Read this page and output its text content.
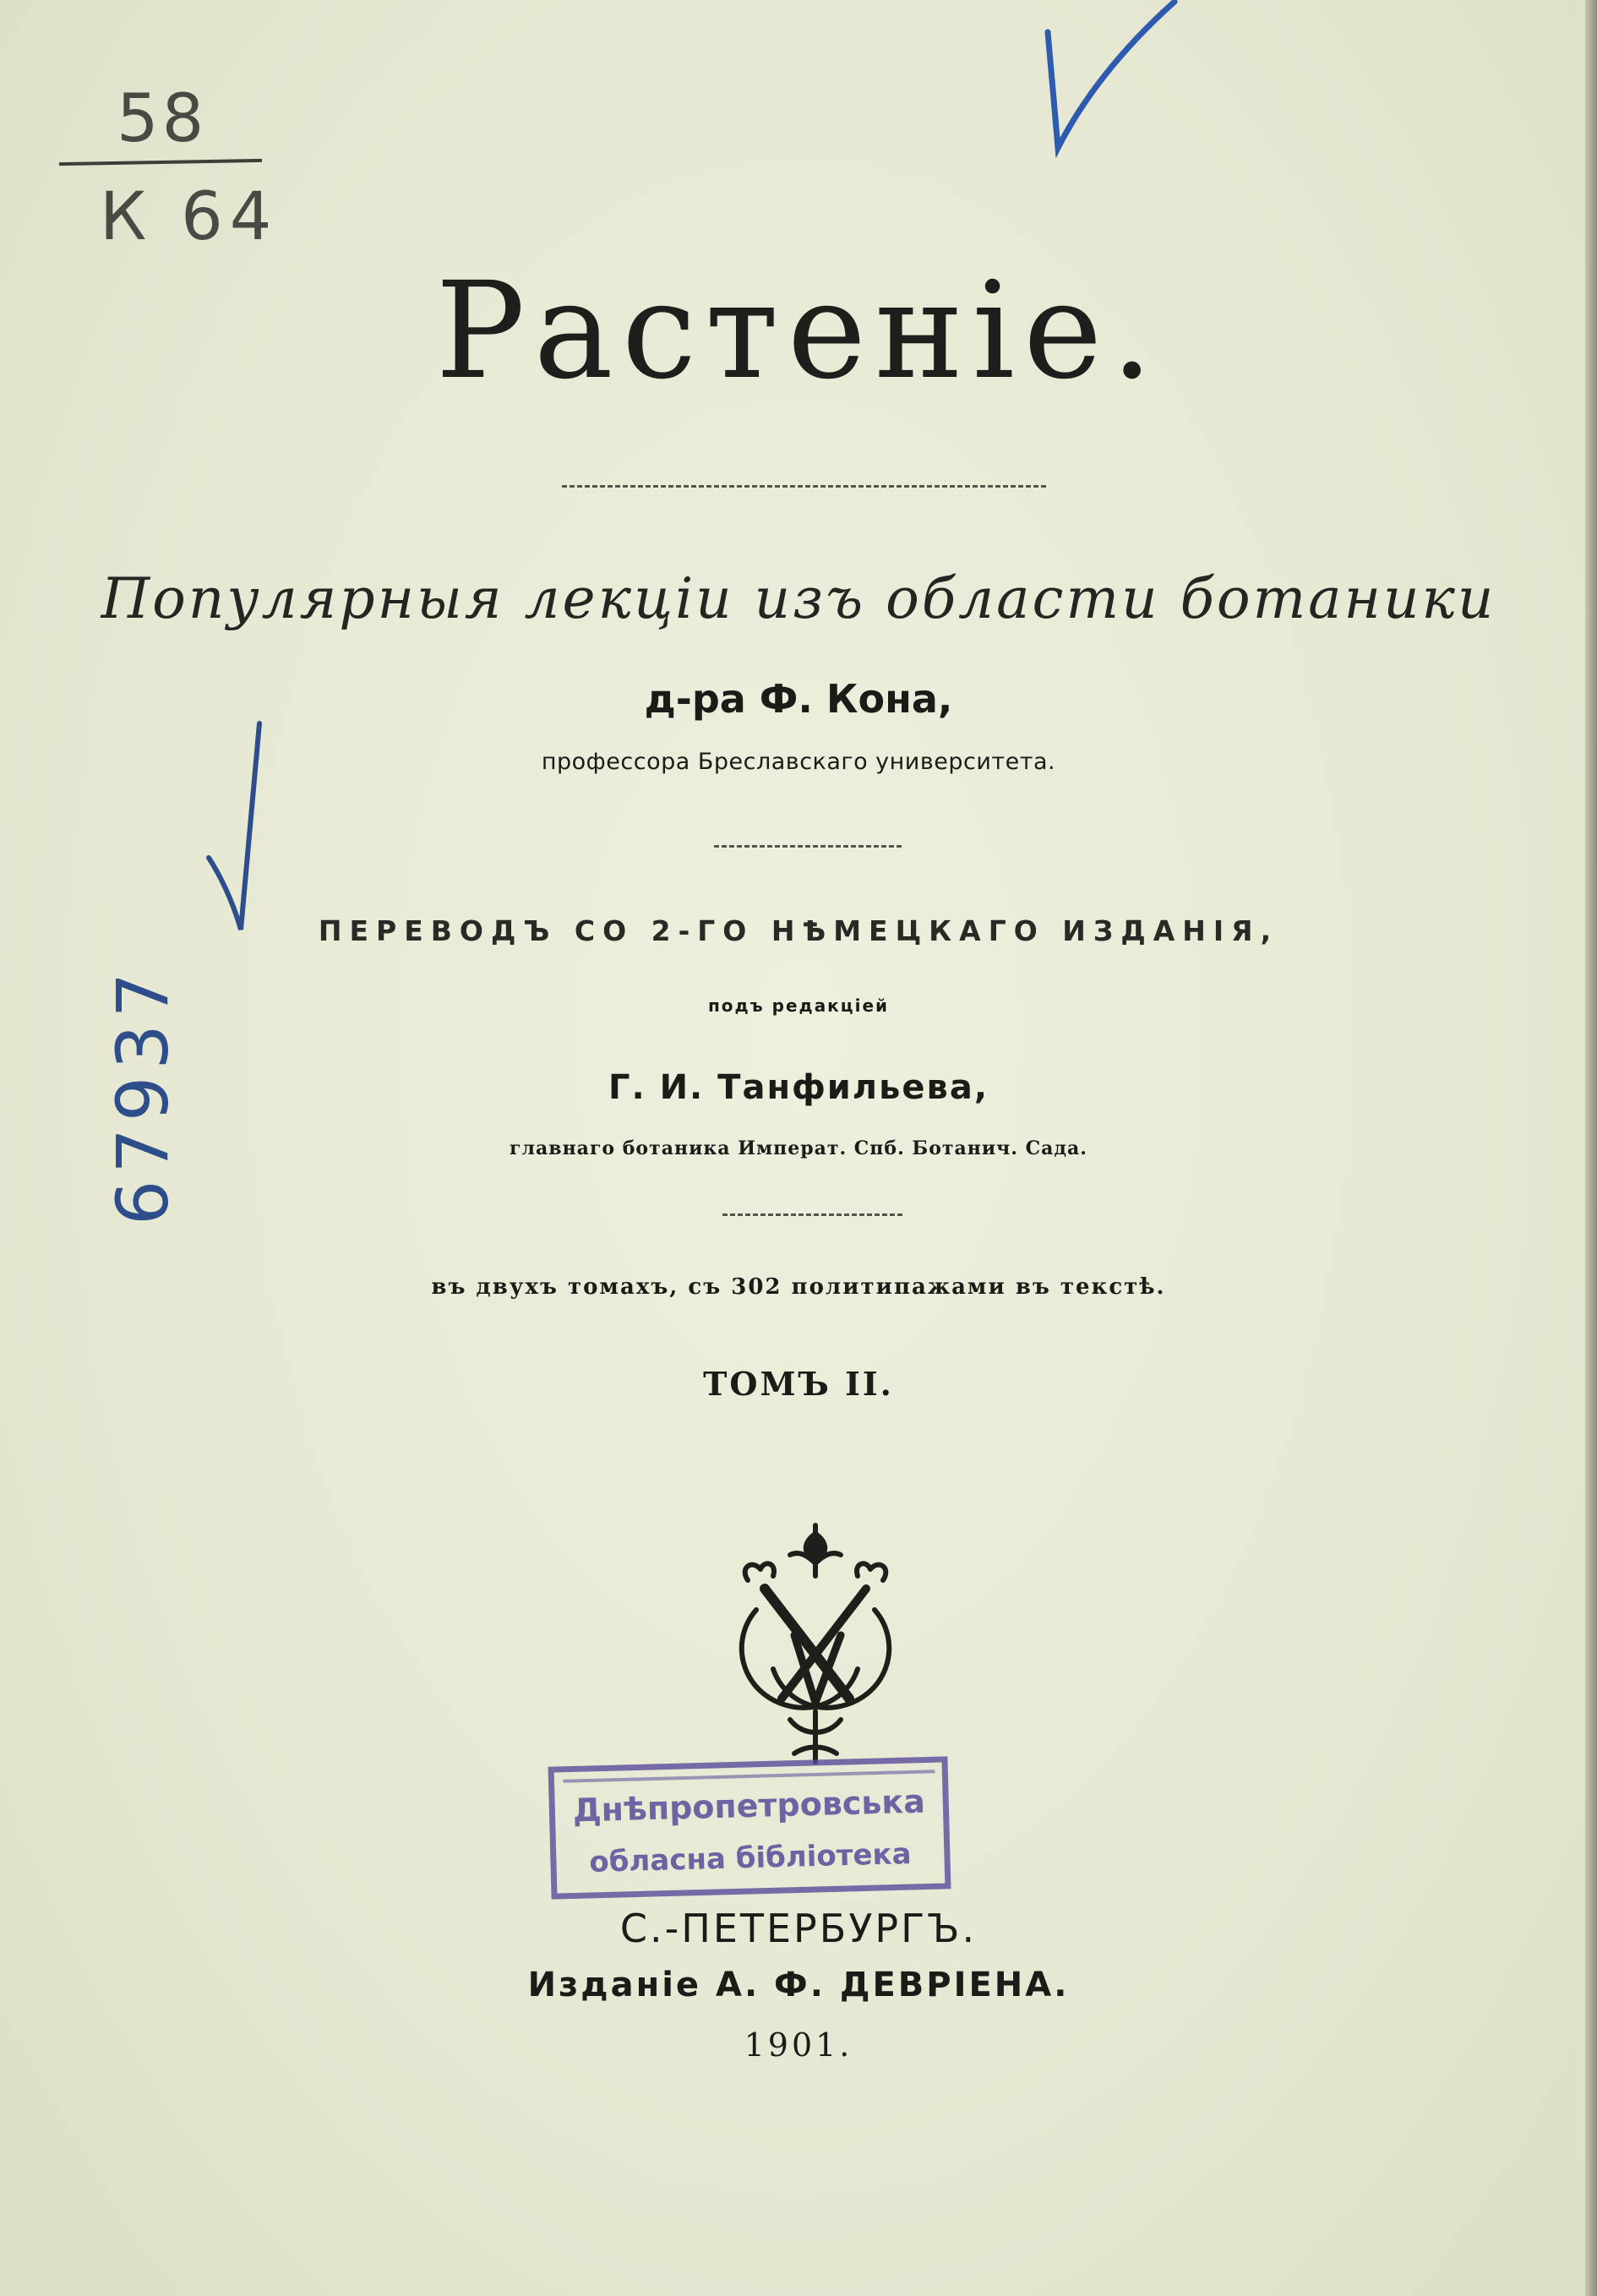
58
К 64
67937
Растеніе.
Популярныя лекціи изъ области ботаники
д-ра Ф. Кона,
профессора Бреславскаго университета.
ПЕРЕВОДЪ СО 2-ГО НѢМЕЦКАГО ИЗДАНІЯ,
подъ редакціей
Г. И. Танфильева,
главнаго ботаника Императ. Спб. Ботанич. Сада.
въ двухъ томахъ, съ 302 политипажами въ текстѣ.
ТОМЪ II.
Днѣпропетровська
обласна бібліотека
С.-ПЕТЕРБУРГЪ.
Изданіе А. Ф. ДЕВРІЕНА.
1901.
